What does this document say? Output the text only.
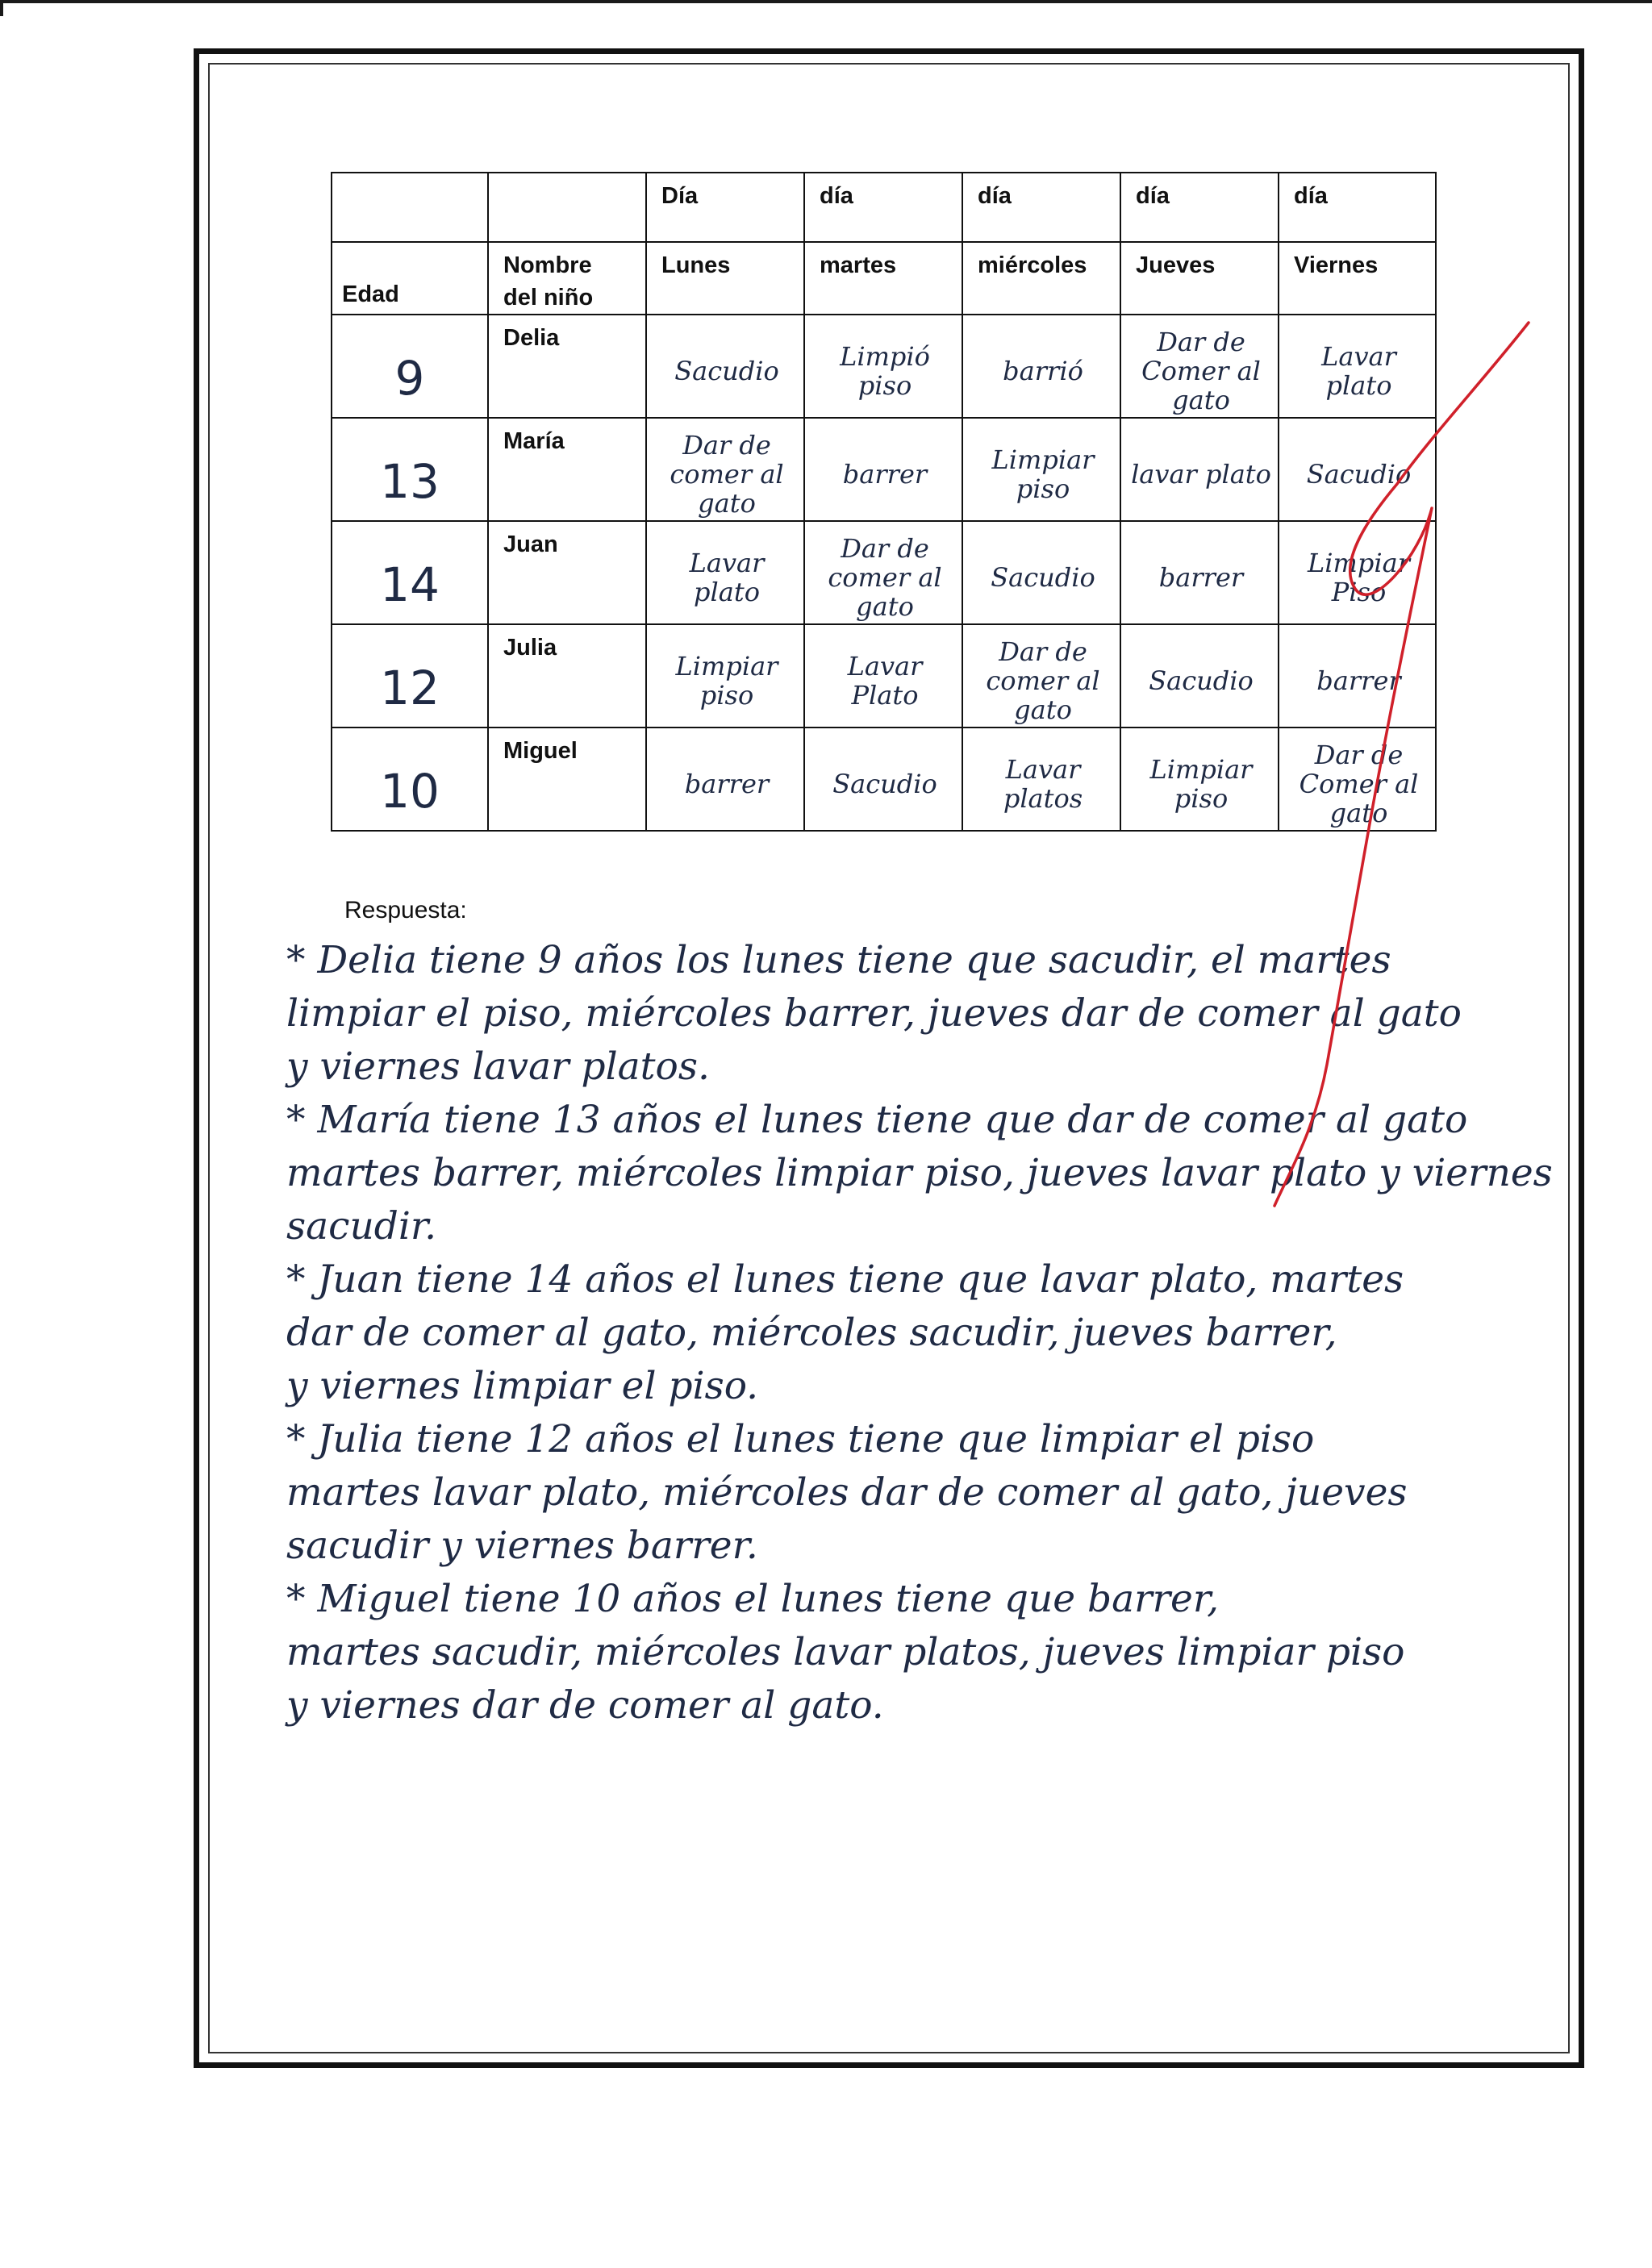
		Día	día	día	día	día

Edad	Nombre del niño	Lunes	martes	miércoles	Jueves	Viernes

9	Delia	Sacudio	Limpió piso	barrió	Dar de Comer al gato	Lavar plato

13	María	Dar de comer al gato	barrer	Limpiar piso	lavar plato	Sacudio

14	Juan	Lavar plato	Dar de comer al gato	Sacudio	barrer	Limpiar Piso

12	Julia	Limpiar piso	Lavar Plato	Dar de comer al gato	Sacudio	barrer

10	Miguel	barrer	Sacudio	Lavar platos	Limpiar piso	Dar de Comer al gato
Respuesta:
* Delia tiene 9 años los lunes tiene que sacudir, el martes
limpiar el piso, miércoles barrer, jueves dar de comer al gato
y viernes lavar platos.
* María tiene 13 años el lunes tiene que dar de comer al gato
martes barrer, miércoles limpiar piso, jueves lavar plato y viernes
sacudir.
* Juan tiene 14 años el lunes tiene que lavar plato, martes
dar de comer al gato, miércoles sacudir, jueves barrer,
y viernes limpiar el piso.
* Julia tiene 12 años el lunes tiene que limpiar el piso
martes lavar plato, miércoles dar de comer al gato, jueves
sacudir y viernes barrer.
* Miguel tiene 10 años el lunes tiene que barrer,
martes sacudir, miércoles lavar platos, jueves limpiar piso
y viernes dar de comer al gato.
